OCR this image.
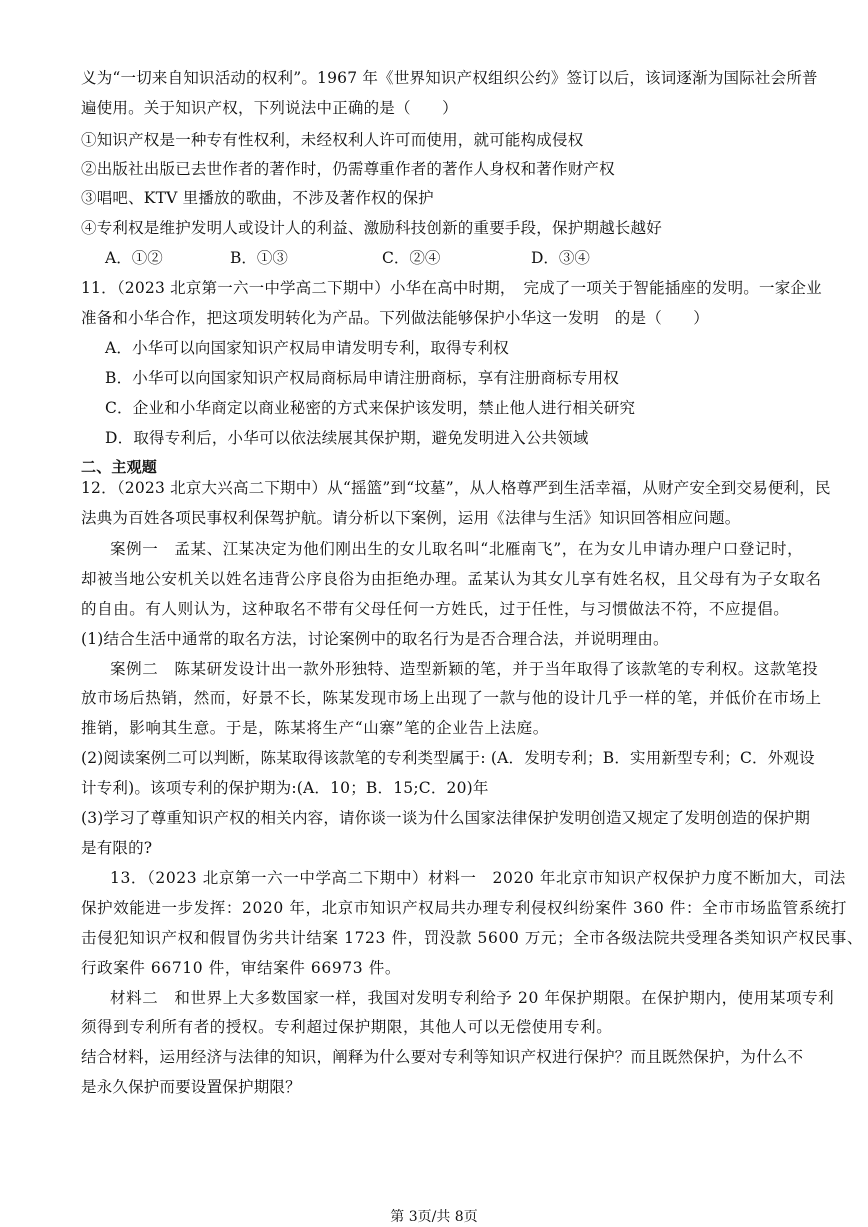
义为“一切来自知识活动的权利”。1967 年《世界知识产权组织公约》签订以后，该词逐渐为国际社会所普
遍使用。关于知识产权，下列说法中正确的是（　　）
①知识产权是一种专有性权利，未经权利人许可而使用，就可能构成侵权
②出版社出版已去世作者的著作时，仍需尊重作者的著作人身权和著作财产权
③唱吧、KTV 里播放的歌曲，不涉及著作权的保护
④专利权是维护发明人或设计人的利益、激励科技创新的重要手段，保护期越长越好
A．①②	B．①③	C．②④	D．③④
11．（2023 北京第一六一中学高二下期中）小华在高中时期，　完成了一项关于智能插座的发明。一家企业
准备和小华合作，把这项发明转化为产品。下列做法能够保护小华这一发明　的是（　　）
A．小华可以向国家知识产权局申请发明专利，取得专利权
B．小华可以向国家知识产权局商标局申请注册商标，享有注册商标专用权
C．企业和小华商定以商业秘密的方式来保护该发明，禁止他人进行相关研究
D．取得专利后，小华可以依法续展其保护期，避免发明进入公共领域
二、主观题
12．（2023 北京大兴高二下期中）从“摇篮”到“坟墓”，从人格尊严到生活幸福，从财产安全到交易便利，民
法典为百姓各项民事权利保驾护航。请分析以下案例，运用《法律与生活》知识回答相应问题。
案例一　孟某、江某决定为他们刚出生的女儿取名叫“北雁南飞”，在为女儿申请办理户口登记时，
却被当地公安机关以姓名违背公序良俗为由拒绝办理。孟某认为其女儿享有姓名权，且父母有为子女取名
的自由。有人则认为，这种取名不带有父母任何一方姓氏，过于任性，与习惯做法不符，不应提倡。
(1)结合生活中通常的取名方法，讨论案例中的取名行为是否合理合法，并说明理由。
案例二　陈某研发设计出一款外形独特、造型新颖的笔，并于当年取得了该款笔的专利权。这款笔投
放市场后热销，然而，好景不长，陈某发现市场上出现了一款与他的设计几乎一样的笔，并低价在市场上
推销，影响其生意。于是，陈某将生产“山寨”笔的企业告上法庭。
(2)阅读案例二可以判断，陈某取得该款笔的专利类型属于: (A．发明专利；B．实用新型专利；C．外观设
计专利)。该项专利的保护期为:(A．10；B．15;C．20)年
(3)学习了尊重知识产权的相关内容，请你谈一谈为什么国家法律保护发明创造又规定了发明创造的保护期
是有限的?
13．（2023 北京第一六一中学高二下期中）材料一　2020 年北京市知识产权保护力度不断加大，司法
保护效能进一步发挥：2020 年，北京市知识产权局共办理专利侵权纠纷案件 360 件：全市市场监管系统打
击侵犯知识产权和假冒伪劣共计结案 1723 件，罚没款 5600 万元；全市各级法院共受理各类知识产权民事、
行政案件 66710 件，审结案件 66973 件。
材料二　和世界上大多数国家一样，我国对发明专利给予 20 年保护期限。在保护期内，使用某项专利
须得到专利所有者的授权。专利超过保护期限，其他人可以无偿使用专利。
结合材料，运用经济与法律的知识，阐释为什么要对专利等知识产权进行保护？而且既然保护，为什么不
是永久保护而要设置保护期限？
第 3页/共 8页
